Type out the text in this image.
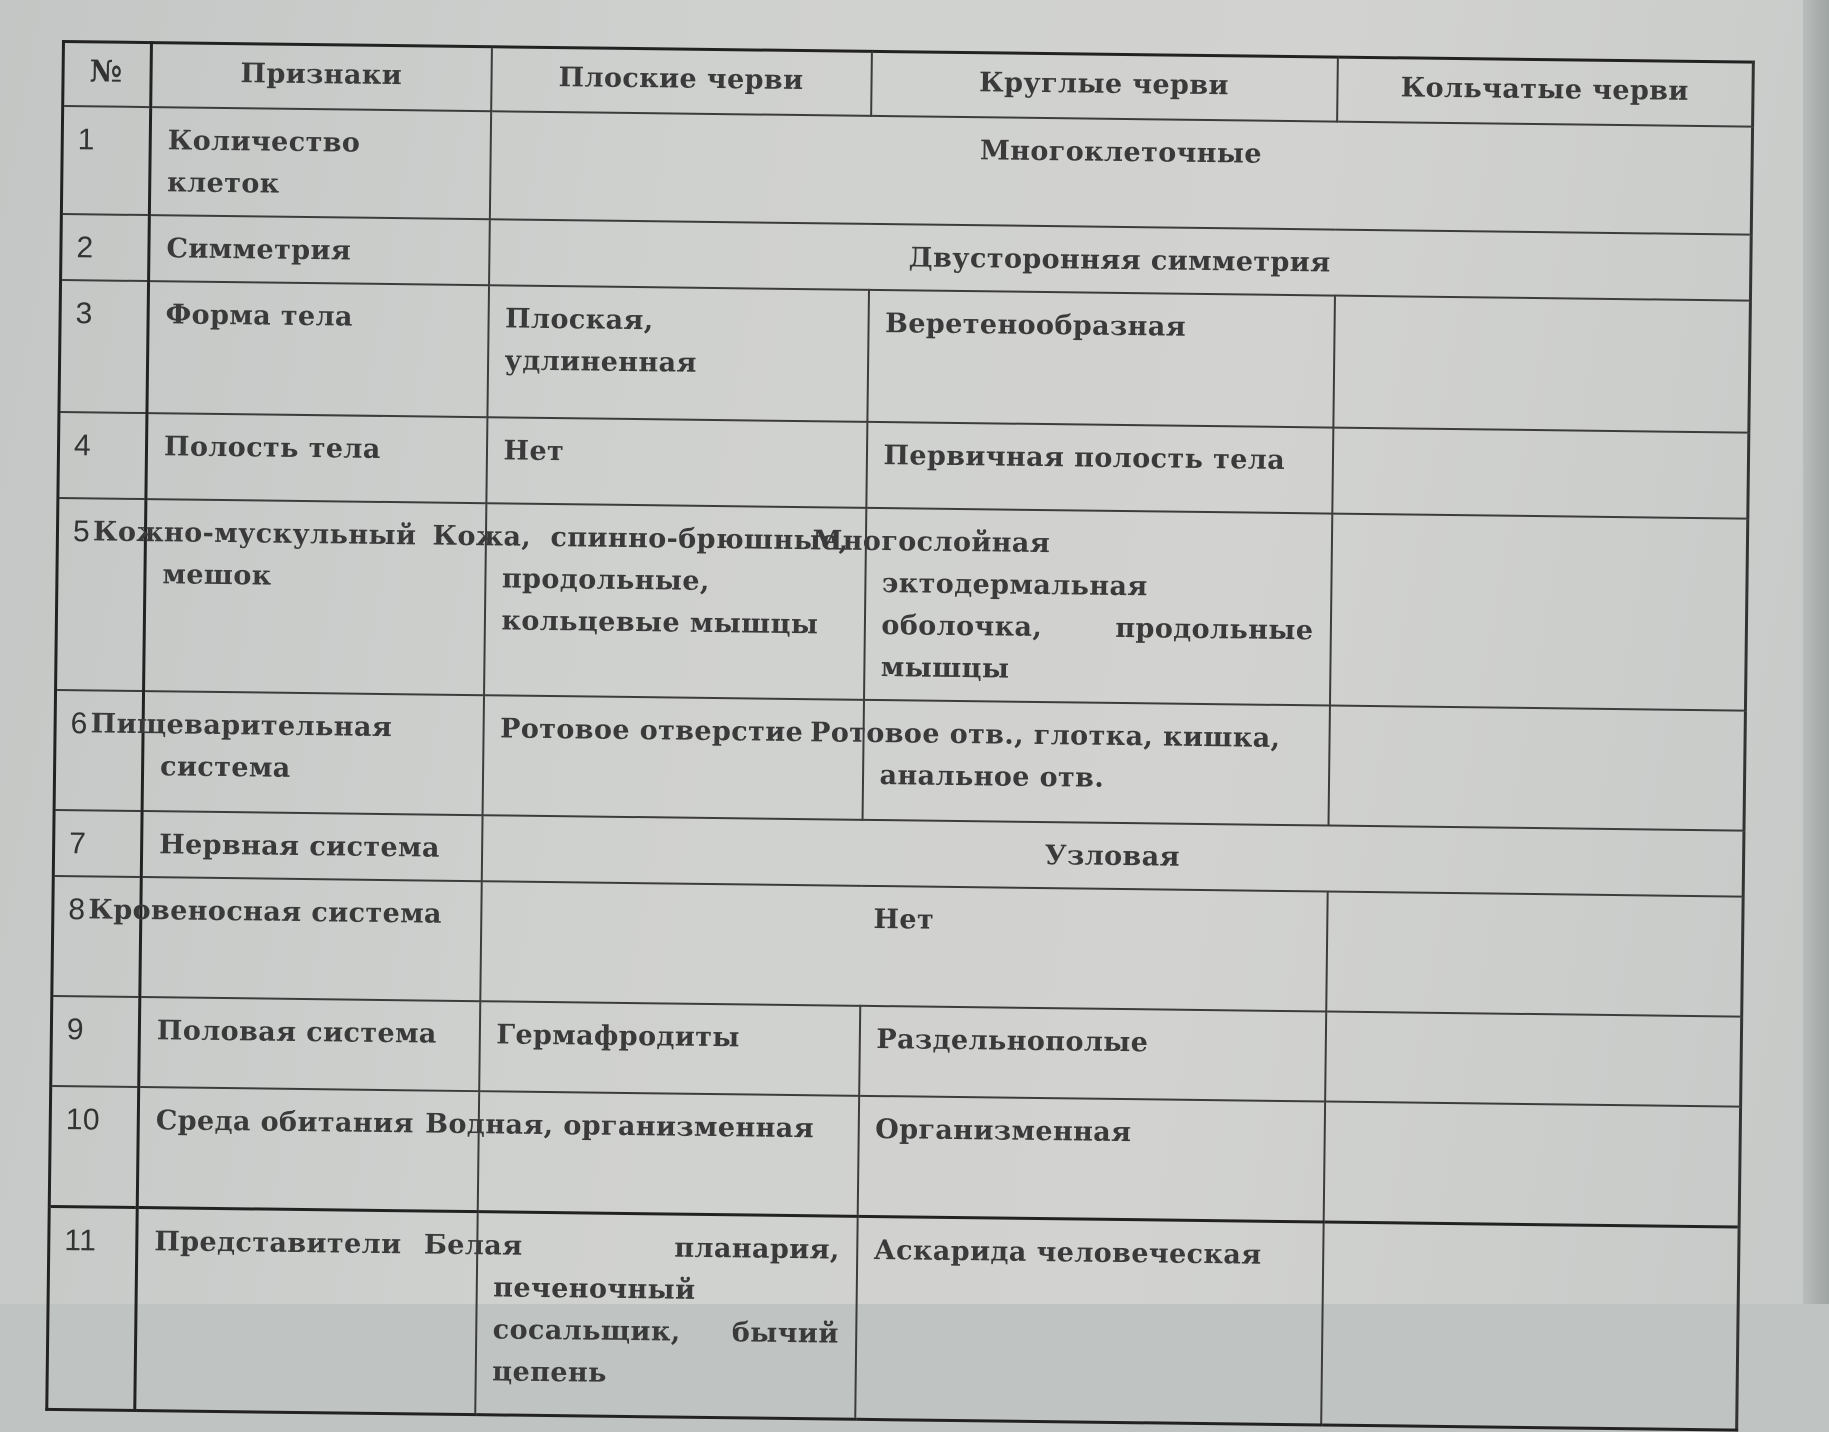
№	Признаки	Плоские черви	Круглые черви	Кольчатые черви
1	Количество клеток	Многоклеточные		
2	Симметрия	Двусторонняя симметрия		
3	Форма тела	Плоская, удлиненная	Веретенообразная	
4	Полость тела	Нет	Первичная полость тела	
5	Кожно-мускульный мешок	Кожа, спинно-брюшные, продольные, кольцевые мышцы	Многослойная эктодермальная оболочка, продольные мышцы	
6	Пищеварительная система	Ротовое отверстие	Ротовое отв., глотка, кишка, анальное отв.	
7	Нервная система	Узловая		
8	Кровеносная система	Нет		
9	Половая система	Гермафродиты	Раздельнополые	
10	Среда обитания	Водная, организменная	Организменная	
11	Представители	Белая планария, печеночный сосальщик, бычий цепень	Аскарида человеческая	
